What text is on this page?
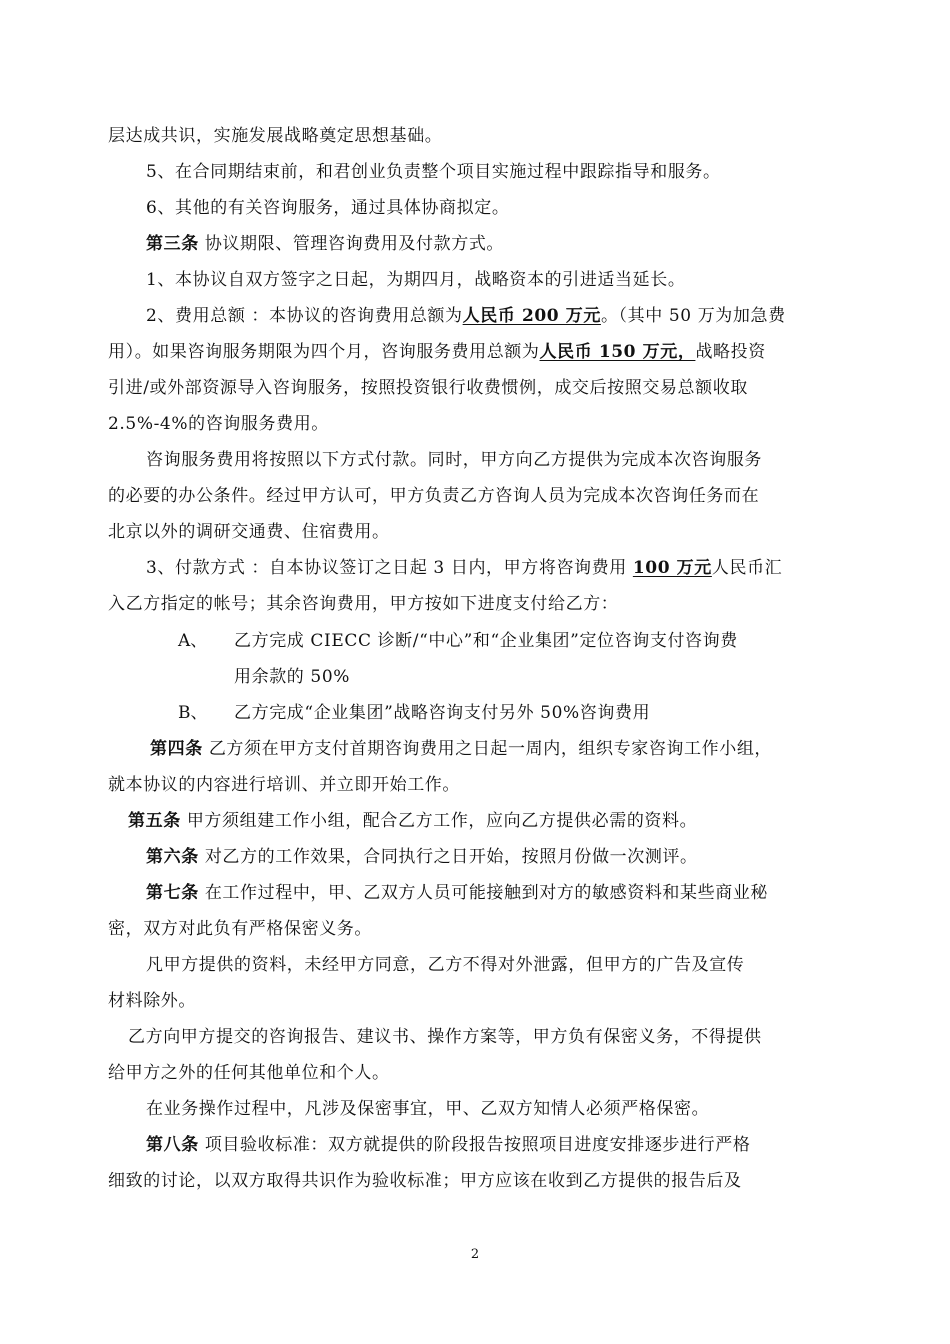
层达成共识，实施发展战略奠定思想基础。
5、在合同期结束前，和君创业负责整个项目实施过程中跟踪指导和服务。
6、其他的有关咨询服务，通过具体协商拟定。
第三条 协议期限、管理咨询费用及付款方式。
1、本协议自双方签字之日起，为期四月，战略资本的引进适当延长。
2、费用总额 ：本协议的咨询费用总额为人民币 200 万元。（其中 50 万为加急费
用）。如果咨询服务期限为四个月，咨询服务费用总额为人民币 150 万元，战略投资
引进/或外部资源导入咨询服务，按照投资银行收费惯例，成交后按照交易总额收取
2.5%-4%的咨询服务费用。
咨询服务费用将按照以下方式付款。同时，甲方向乙方提供为完成本次咨询服务
的必要的办公条件。经过甲方认可，甲方负责乙方咨询人员为完成本次咨询任务而在
北京以外的调研交通费、住宿费用。
3、付款方式 ：自本协议签订之日起 3 日内，甲方将咨询费用 100 万元人民币汇
入乙方指定的帐号；其余咨询费用，甲方按如下进度支付给乙方：
乙方完成 CIECC 诊断/“中心”和“企业集团”定位咨询支付咨询费
用余款的 50%
乙方完成“企业集团”战略咨询支付另外 50%咨询费用
第四条 乙方须在甲方支付首期咨询费用之日起一周内，组织专家咨询工作小组，
就本协议的内容进行培训、并立即开始工作。
第五条 甲方须组建工作小组，配合乙方工作，应向乙方提供必需的资料。
第六条 对乙方的工作效果，合同执行之日开始，按照月份做一次测评。
第七条 在工作过程中，甲、乙双方人员可能接触到对方的敏感资料和某些商业秘
密，双方对此负有严格保密义务。
凡甲方提供的资料，未经甲方同意，乙方不得对外泄露，但甲方的广告及宣传
材料除外。
乙方向甲方提交的咨询报告、建议书、操作方案等，甲方负有保密义务，不得提供
给甲方之外的任何其他单位和个人。
在业务操作过程中，凡涉及保密事宜，甲、乙双方知情人必须严格保密。
第八条 项目验收标准：双方就提供的阶段报告按照项目进度安排逐步进行严格
细致的讨论，以双方取得共识作为验收标准；甲方应该在收到乙方提供的报告后及
A、
B、
2
